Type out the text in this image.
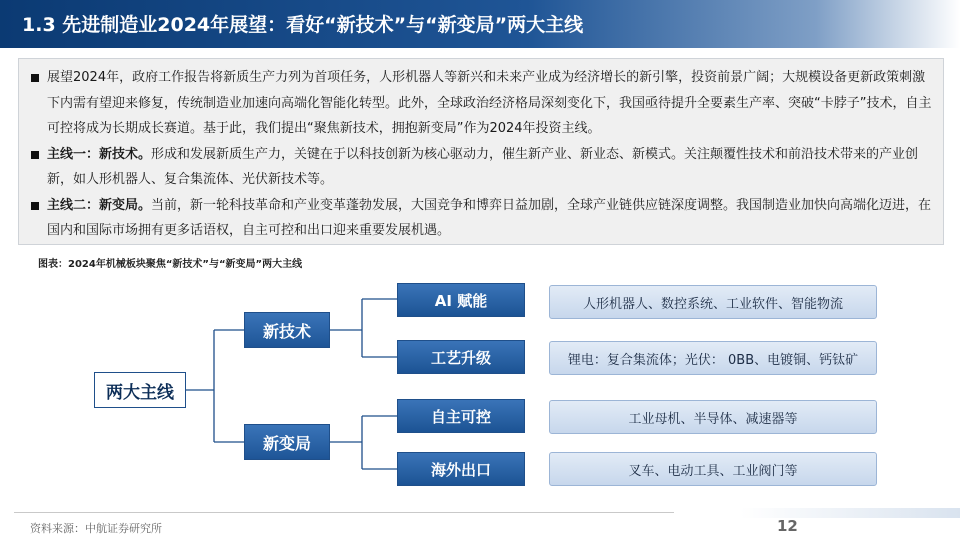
1.3 先进制造业2024年展望：看好“新技术”与“新变局”两大主线
展望2024年，政府工作报告将新质生产力列为首项任务，人形机器人等新兴和未来产业成为经济增长的新引擎，投资前景广阔；大规模设备更新政策刺激下内需有望迎来修复，传统制造业加速向高端化智能化转型。此外，全球政治经济格局深刻变化下，我国亟待提升全要素生产率、突破“卡脖子”技术，自主可控将成为长期成长赛道。基于此，我们提出“聚焦新技术，拥抱新变局”作为2024年投资主线。
主线一：新技术。形成和发展新质生产力，关键在于以科技创新为核心驱动力，催生新产业、新业态、新模式。关注颠覆性技术和前沿技术带来的产业创新，如人形机器人、复合集流体、光伏新技术等。
主线二：新变局。当前，新一轮科技革命和产业变革蓬勃发展，大国竞争和博弈日益加剧，全球产业链供应链深度调整。我国制造业加快向高端化迈进，在国内和国际市场拥有更多话语权，自主可控和出口迎来重要发展机遇。
图表：2024年机械板块聚焦“新技术”与“新变局”两大主线
两大主线
新技术
新变局
AI 赋能
工艺升级
自主可控
海外出口
人形机器人、数控系统、工业软件、智能物流
锂电：复合集流体；光伏： 0BB、电镀铜、钙钛矿
工业母机、半导体、减速器等
叉车、电动工具、工业阀门等
资料来源：中航证券研究所	12
